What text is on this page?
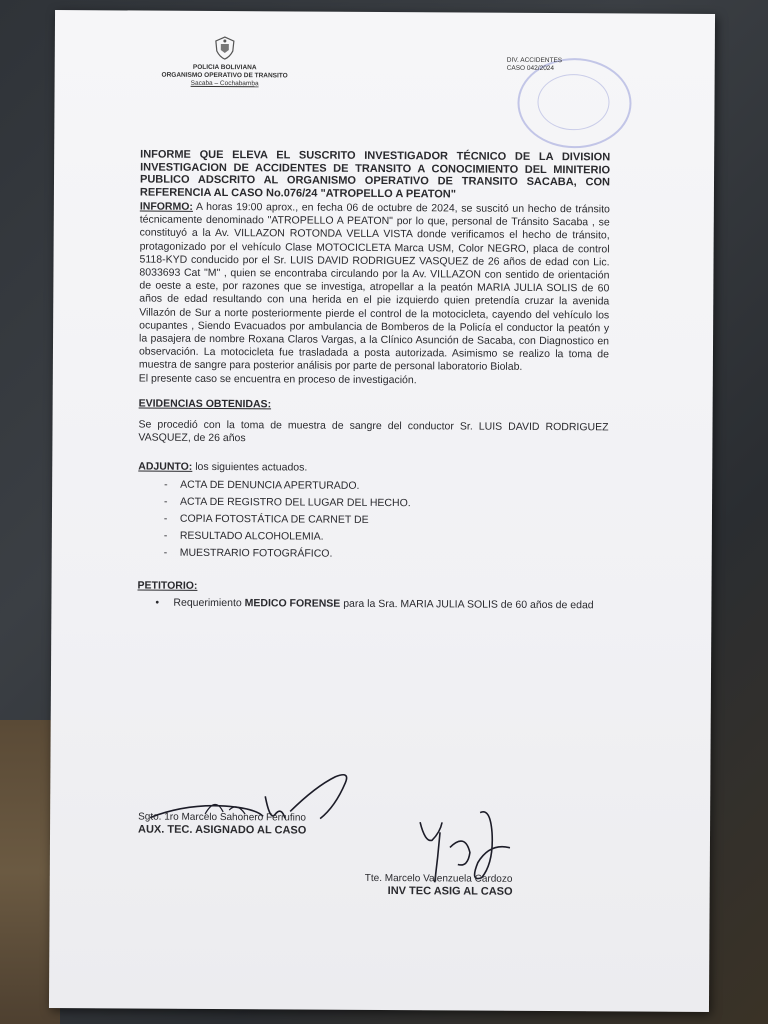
POLICIA BOLIVIANA
ORGANISMO OPERATIVO DE TRANSITO
Sacaba – Cochabamba
DIV. ACCIDENTES
CASO 042/2024
INFORME QUE ELEVA EL SUSCRITO INVESTIGADOR TÉCNICO DE LA DIVISION INVESTIGACION DE ACCIDENTES DE TRANSITO A CONOCIMIENTO DEL MINITERIO PUBLICO ADSCRITO AL ORGANISMO OPERATIVO DE TRANSITO SACABA, CON REFERENCIA AL CASO No.076/24 "ATROPELLO A PEATON"

INFORMO: A horas 19:00 aprox., en fecha 06 de octubre de 2024, se suscitó un hecho de tránsito técnicamente denominado "ATROPELLO A PEATON" por lo que, personal de Tránsito Sacaba , se constituyó a la Av. VILLAZON ROTONDA VELLA VISTA donde verificamos el hecho de tránsito, protagonizado por el vehículo Clase MOTOCICLETA Marca USM, Color NEGRO, placa de control 5118-KYD conducido por el Sr. LUIS DAVID RODRIGUEZ VASQUEZ de 26 años de edad con Lic. 8033693 Cat "M" , quien se encontraba circulando por la Av. VILLAZON con sentido de orientación de oeste a este, por razones que se investiga, atropellar a la peatón MARIA JULIA SOLIS de 60 años de edad resultando con una herida en el pie izquierdo quien pretendía cruzar la avenida Villazón de Sur a norte posteriormente pierde el control de la motocicleta, cayendo del vehículo los ocupantes , Siendo Evacuados por ambulancia de Bomberos de la Policía el conductor la peatón y la pasajera de nombre Roxana Claros Vargas, a la Clínico Asunción de Sacaba, con Diagnostico en observación. La motocicleta fue trasladada a posta autorizada. Asimismo se realizo la toma de muestra de sangre para posterior análisis por parte de personal laboratorio Biolab.

El presente caso se encuentra en proceso de investigación.

EVIDENCIAS OBTENIDAS:

Se procedió con la toma de muestra de sangre del conductor Sr. LUIS DAVID RODRIGUEZ VASQUEZ, de 26 años

ADJUNTO: los siguientes actuados.
- ACTA DE DENUNCIA APERTURADO.
- ACTA DE REGISTRO DEL LUGAR DEL HECHO.
- COPIA FOTOSTÁTICA DE CARNET DE
- RESULTADO ALCOHOLEMIA.
- MUESTRARIO FOTOGRÁFICO.
PETITORIO:
• Requerimiento MEDICO FORENSE para la Sra. MARIA JULIA SOLIS de 60 años de edad
Sgto. 1ro Marcelo Sahonero Ferrufino
AUX. TEC. ASIGNADO AL CASO
Tte. Marcelo Valenzuela Cardozo
INV TEC ASIG AL CASO
